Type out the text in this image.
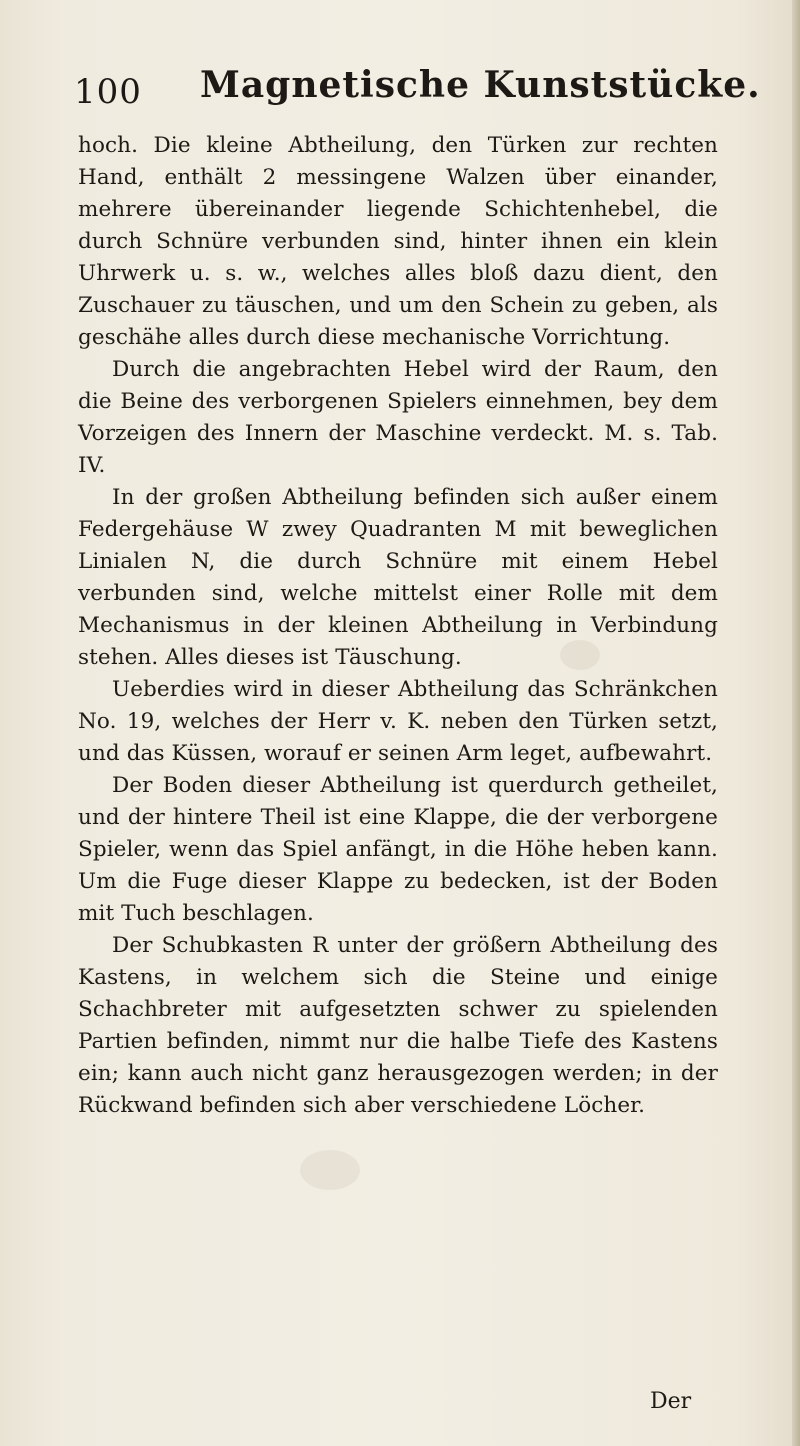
100 Magnetische Kunststücke.

hoch. Die kleine Abtheilung, den Türken zur rechten Hand, enthält 2 messingene Walzen über einander, mehrere übereinander liegende Schichtenhebel, die durch Schnüre verbunden sind, hinter ihnen ein klein Uhrwerk u. s. w., welches alles bloß dazu dient, den Zuschauer zu täuschen, und um den Schein zu geben, als geschähe alles durch diese mechanische Vorrichtung.

Durch die angebrachten Hebel wird der Raum, den die Beine des verborgenen Spielers einnehmen, bey dem Vorzeigen des Innern der Maschine verdeckt. M. s. Tab. IV.

In der großen Abtheilung befinden sich außer einem Federgehäuse W zwey Quadranten M mit beweglichen Linialen N, die durch Schnüre mit einem Hebel verbunden sind, welche mittelst einer Rolle mit dem Mechanismus in der kleinen Abtheilung in Verbindung stehen. Alles dieses ist Täuschung.

Ueberdies wird in dieser Abtheilung das Schränkchen No. 19, welches der Herr v. K. neben den Türken setzt, und das Küssen, worauf er seinen Arm leget, aufbewahrt.

Der Boden dieser Abtheilung ist querdurch getheilet, und der hintere Theil ist eine Klappe, die der verborgene Spieler, wenn das Spiel anfängt, in die Höhe heben kann. Um die Fuge dieser Klappe zu bedecken, ist der Boden mit Tuch beschlagen.

Der Schubkasten R unter der größern Abtheilung des Kastens, in welchem sich die Steine und einige Schachbreter mit aufgesetzten schwer zu spielenden Partien befinden, nimmt nur die halbe Tiefe des Kastens ein; kann auch nicht ganz herausgezogen werden; in der Rückwand befinden sich aber verschiedene Löcher.

Der
